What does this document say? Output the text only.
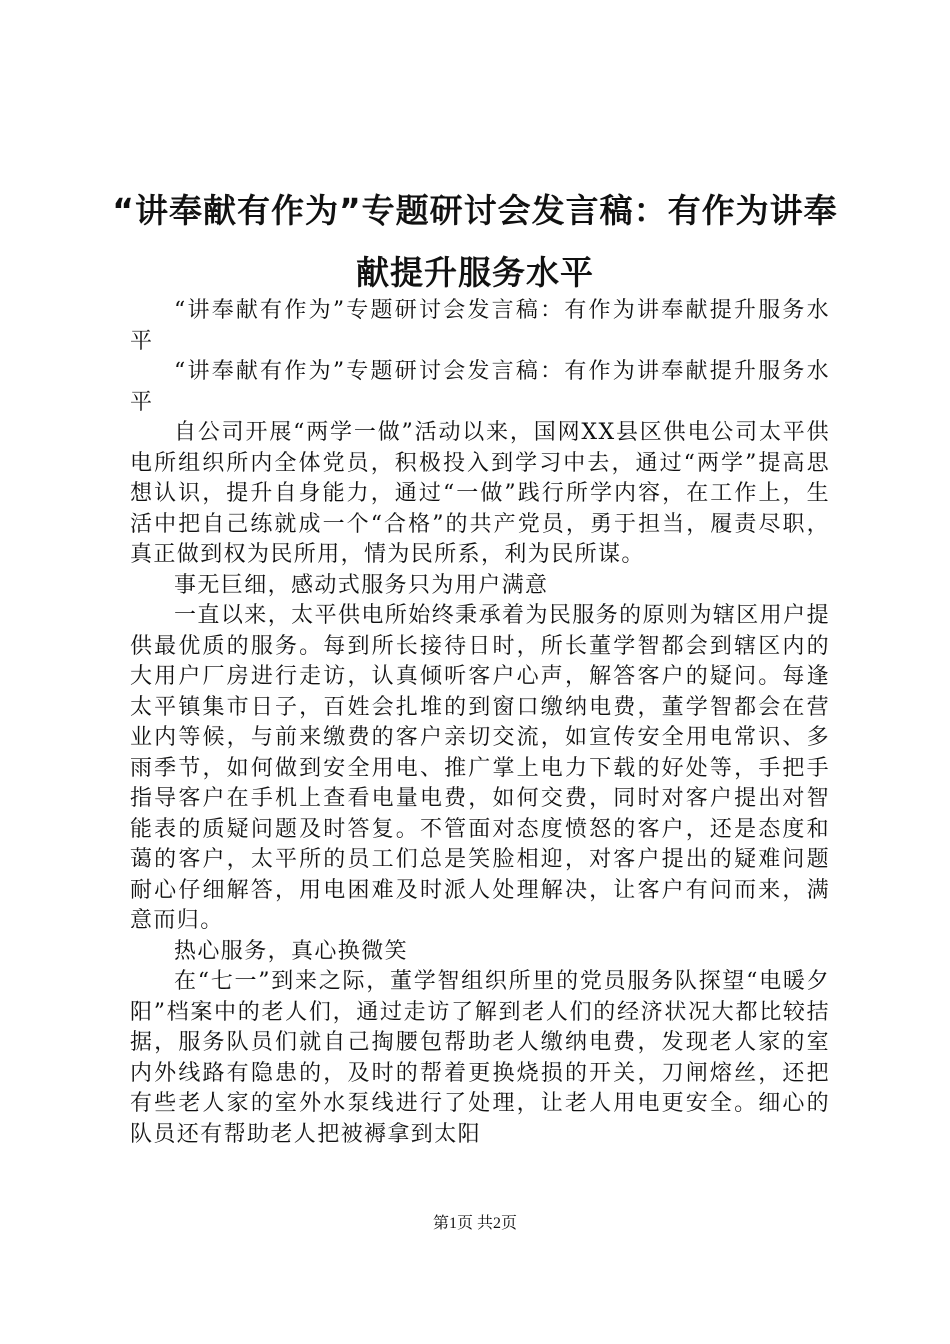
“讲奉献有作为”专题研讨会发言稿：有作为讲奉献提升服务水平

“讲奉献有作为”专题研讨会发言稿：有作为讲奉献提升服务水平

“讲奉献有作为”专题研讨会发言稿：有作为讲奉献提升服务水平

自公司开展“两学一做”活动以来，国网XX县区供电公司太平供电所组织所内全体党员，积极投入到学习中去，通过“两学”提高思想认识，提升自身能力，通过“一做”践行所学内容，在工作上，生活中把自己练就成一个“合格”的共产党员，勇于担当，履责尽职，真正做到权为民所用，情为民所系，利为民所谋。

事无巨细，感动式服务只为用户满意

一直以来，太平供电所始终秉承着为民服务的原则为辖区用户提供最优质的服务。每到所长接待日时，所长董学智都会到辖区内的大用户厂房进行走访，认真倾听客户心声，解答客户的疑问。每逢太平镇集市日子，百姓会扎堆的到窗口缴纳电费，董学智都会在营业内等候，与前来缴费的客户亲切交流，如宣传安全用电常识、多雨季节，如何做到安全用电、推广掌上电力下载的好处等，手把手指导客户在手机上查看电量电费，如何交费，同时对客户提出对智能表的质疑问题及时答复。不管面对态度愤怒的客户，还是态度和蔼的客户，太平所的员工们总是笑脸相迎，对客户提出的疑难问题耐心仔细解答，用电困难及时派人处理解决，让客户有问而来，满意而归。

热心服务，真心换微笑

在“七一”到来之际，董学智组织所里的党员服务队探望“电暖夕阳”档案中的老人们，通过走访了解到老人们的经济状况大都比较拮据，服务队员们就自己掏腰包帮助老人缴纳电费，发现老人家的室内外线路有隐患的，及时的帮着更换烧损的开关，刀闸熔丝，还把有些老人家的室外水泵线进行了处理，让老人用电更安全。细心的队员还有帮助老人把被褥拿到太阳

第1页 共2页
